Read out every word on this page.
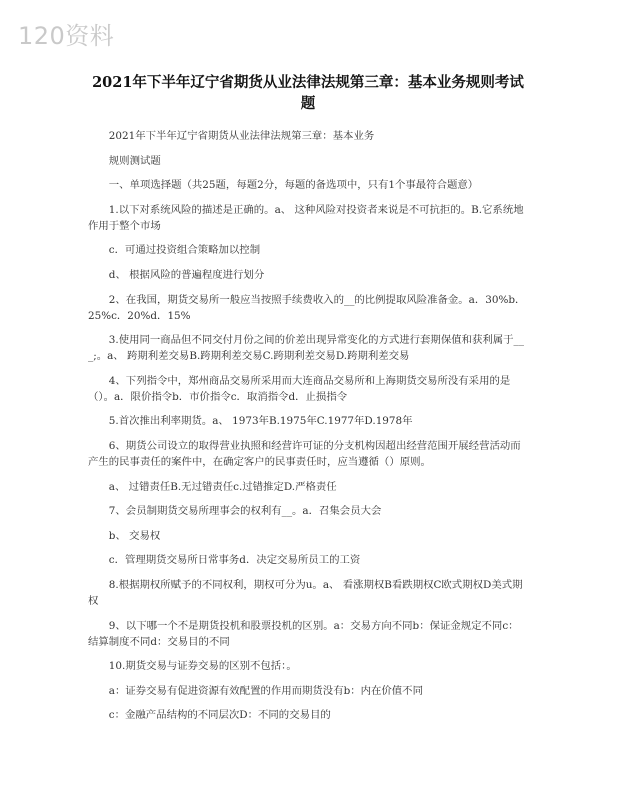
120资料
2021年下半年辽宁省期货从业法律法规第三章：基本业务规则考试题

2021年下半年辽宁省期货从业法律法规第三章：基本业务

规则测试题

一、单项选择题（共25题，每题2分，每题的备选项中，只有1个事最符合题意）

1.以下对系统风险的描述是正确的。a、 这种风险对投资者来说是不可抗拒的。B.它系统地作用于整个市场

c．可通过投资组合策略加以控制

d、 根据风险的普遍程度进行划分

2、在我国，期货交易所一般应当按照手续费收入的__的比例提取风险准备金。a．30%b．25%c．20%d．15%

3.使用同一商品但不同交付月份之间的价差出现异常变化的方式进行套期保值和获利属于___;。a、 跨期利差交易B.跨期利差交易C.跨期利差交易D.跨期利差交易

4、下列指令中，郑州商品交易所采用而大连商品交易所和上海期货交易所没有采用的是（）。a．限价指令b．市价指令c．取消指令d．止损指令

5.首次推出利率期货。a、 1973年B.1975年C.1977年D.1978年

6、期货公司设立的取得营业执照和经营许可证的分支机构因超出经营范围开展经营活动而产生的民事责任的案件中，在确定客户的民事责任时，应当遵循（）原则。

a、 过错责任B.无过错责任c.过错推定D.严格责任

7、会员制期货交易所理事会的权利有__。a．召集会员大会

b、 交易权

c．管理期货交易所日常事务d．决定交易所员工的工资

8.根据期权所赋予的不同权利，期权可分为u。a、 看涨期权B看跌期权C欧式期权D美式期权

9、以下哪一个不是期货投机和股票投机的区别。a：交易方向不同b：保证金规定不同c：结算制度不同d：交易目的不同

10.期货交易与证券交易的区别不包括：。

a：证券交易有促进资源有效配置的作用而期货没有b：内在价值不同

c：金融产品结构的不同层次D：不同的交易目的
